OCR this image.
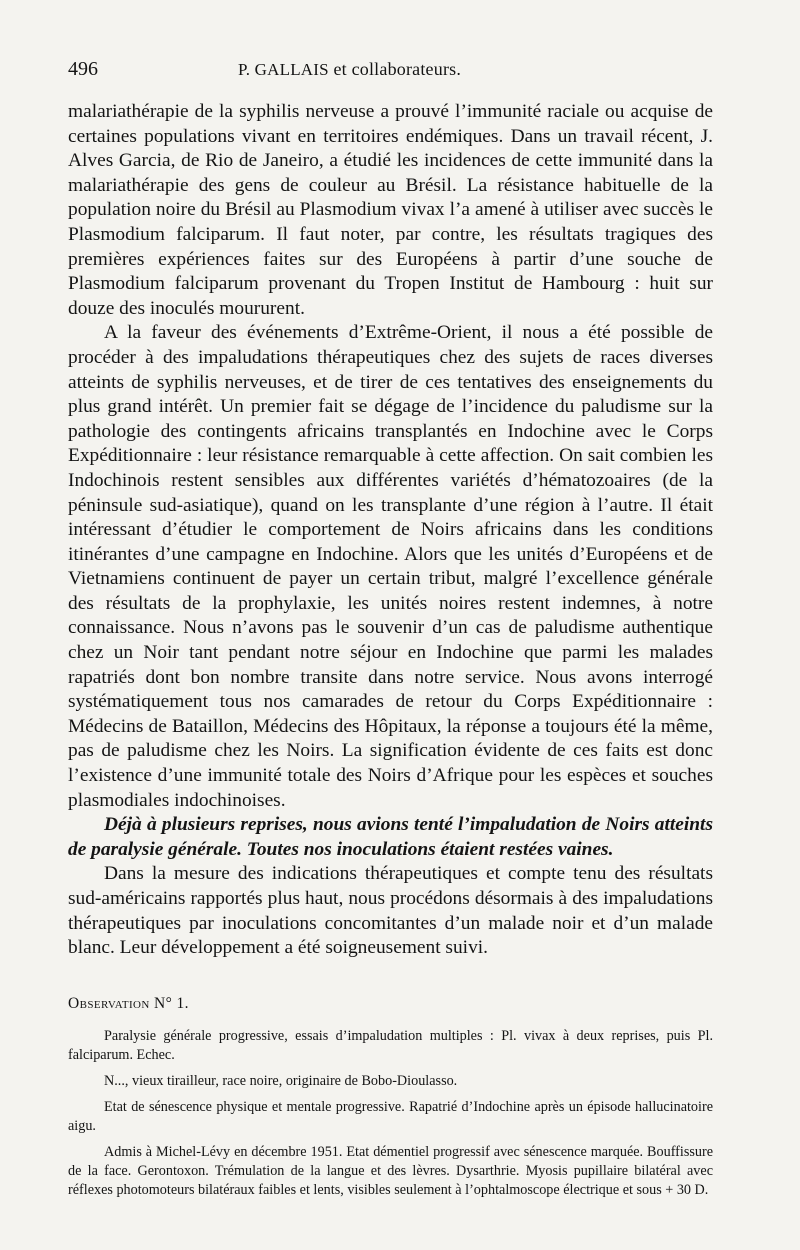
496	P. GALLAIS et collaborateurs.

malariathérapie de la syphilis nerveuse a prouvé l’immunité raciale ou acquise de certaines populations vivant en territoires endémiques. Dans un travail récent, J. Alves Garcia, de Rio de Janeiro, a étudié les incidences de cette immunité dans la malariathérapie des gens de couleur au Brésil. La résistance habituelle de la population noire du Brésil au Plasmodium vivax l’a amené à utiliser avec succès le Plasmodium falciparum. Il faut noter, par contre, les résultats tragiques des premières expériences faites sur des Européens à partir d’une souche de Plasmodium falciparum provenant du Tropen Institut de Hambourg : huit sur douze des inoculés moururent.

A la faveur des événements d’Extrême-Orient, il nous a été possible de procéder à des impaludations thérapeutiques chez des sujets de races diverses atteints de syphilis nerveuses, et de tirer de ces tentatives des enseignements du plus grand intérêt. Un premier fait se dégage de l’incidence du paludisme sur la pathologie des contingents africains transplantés en Indochine avec le Corps Expéditionnaire : leur résistance remarquable à cette affection. On sait combien les Indochinois restent sensibles aux différentes variétés d’hématozoaires (de la péninsule sud-asiatique), quand on les transplante d’une région à l’autre. Il était intéressant d’étudier le comportement de Noirs africains dans les conditions itinérantes d’une campagne en Indochine. Alors que les unités d’Européens et de Vietnamiens continuent de payer un certain tribut, malgré l’excellence générale des résultats de la prophylaxie, les unités noires restent indemnes, à notre connaissance. Nous n’avons pas le souvenir d’un cas de paludisme authentique chez un Noir tant pendant notre séjour en Indochine que parmi les malades rapatriés dont bon nombre transite dans notre service. Nous avons interrogé systématiquement tous nos camarades de retour du Corps Expéditionnaire : Médecins de Bataillon, Médecins des Hôpitaux, la réponse a toujours été la même, pas de paludisme chez les Noirs. La signification évidente de ces faits est donc l’existence d’une immunité totale des Noirs d’Afrique pour les espèces et souches plasmodiales indochinoises.

Déjà à plusieurs reprises, nous avions tenté l’impaludation de Noirs atteints de paralysie générale. Toutes nos inoculations étaient restées vaines.

Dans la mesure des indications thérapeutiques et compte tenu des résultats sud-américains rapportés plus haut, nous procédons désormais à des impaludations thérapeutiques par inoculations concomitantes d’un malade noir et d’un malade blanc. Leur développement a été soigneusement suivi.

Observation N° 1.

Paralysie générale progressive, essais d’impaludation multiples : Pl. vivax à deux reprises, puis Pl. falciparum. Echec.

N..., vieux tirailleur, race noire, originaire de Bobo-Dioulasso.

Etat de sénescence physique et mentale progressive. Rapatrié d’Indochine après un épisode hallucinatoire aigu.

Admis à Michel-Lévy en décembre 1951. Etat démentiel progressif avec sénescence marquée. Bouffissure de la face. Gerontoxon. Trémulation de la langue et des lèvres. Dysarthrie. Myosis pupillaire bilatéral avec réflexes photomoteurs bilatéraux faibles et lents, visibles seulement à l’ophtalmoscope électrique et sous + 30 D.
